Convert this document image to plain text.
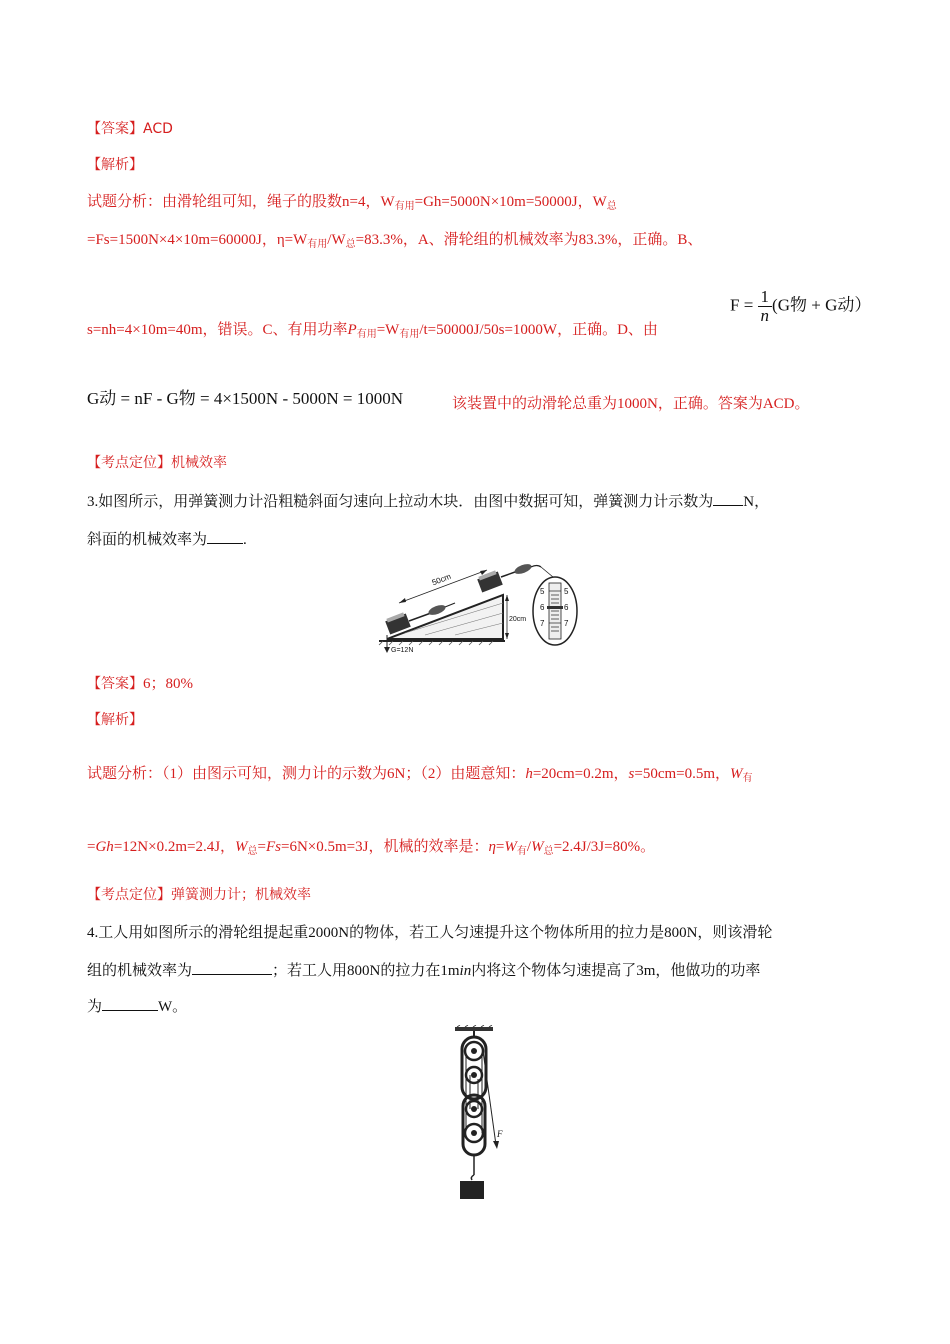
【答案】ACD
【解析】
试题分析：由滑轮组可知，绳子的股数n=4，$W_{有用}=Gh=5000N\times 10m=50000J$，$W_总$
=Fs=1500N×4×10m=60000J，$\eta=W_{有用}/W_总=83.3\%$，A、滑轮组的机械效率为83.3%，正确。B、
s=nh=4×10m=40m，错误。C、有用功率$P_{有用}=W_{有用}/t=50000J/50s=1000W$，正确。D、由
$F = \frac{1}{n} (G$物 + G动）
G动 = nF - G物 = 4×1500N - 5000N = 1000N	该装置中的动滑轮总重为1000N，正确。答案为ACD。
【考点定位】机械效率
3.如图所示，用弹簧测力计沿粗糙斜面匀速向上拉动木块．由图中数据可知，弹簧测力计示数为 N，
斜面的机械效率为 .
50cm
20cm
G=12N
5
6
7
5
6
7
【答案】6；80%
【解析】
试题分析：（1）由图示可知，测力计的示数为6N；（2）由题意知：h=20cm=0.2m，s=50cm=0.5m，$W_有$
=Gh=12N×0.2m=2.4J，$W_总=Fs=6N\times 0.5m=3J$，机械的效率是：$\eta=W_有/W_总=2.4J/3J=80\%$。
【考点定位】弹簧测力计；机械效率
4.工人用如图所示的滑轮组提起重2000N的物体，若工人匀速提升这个物体所用的拉力是800N，则该滑轮
组的机械效率为	；若工人用800N的拉力在1min内将这个物体匀速提高了3m，他做功的功率
为	W。
F
